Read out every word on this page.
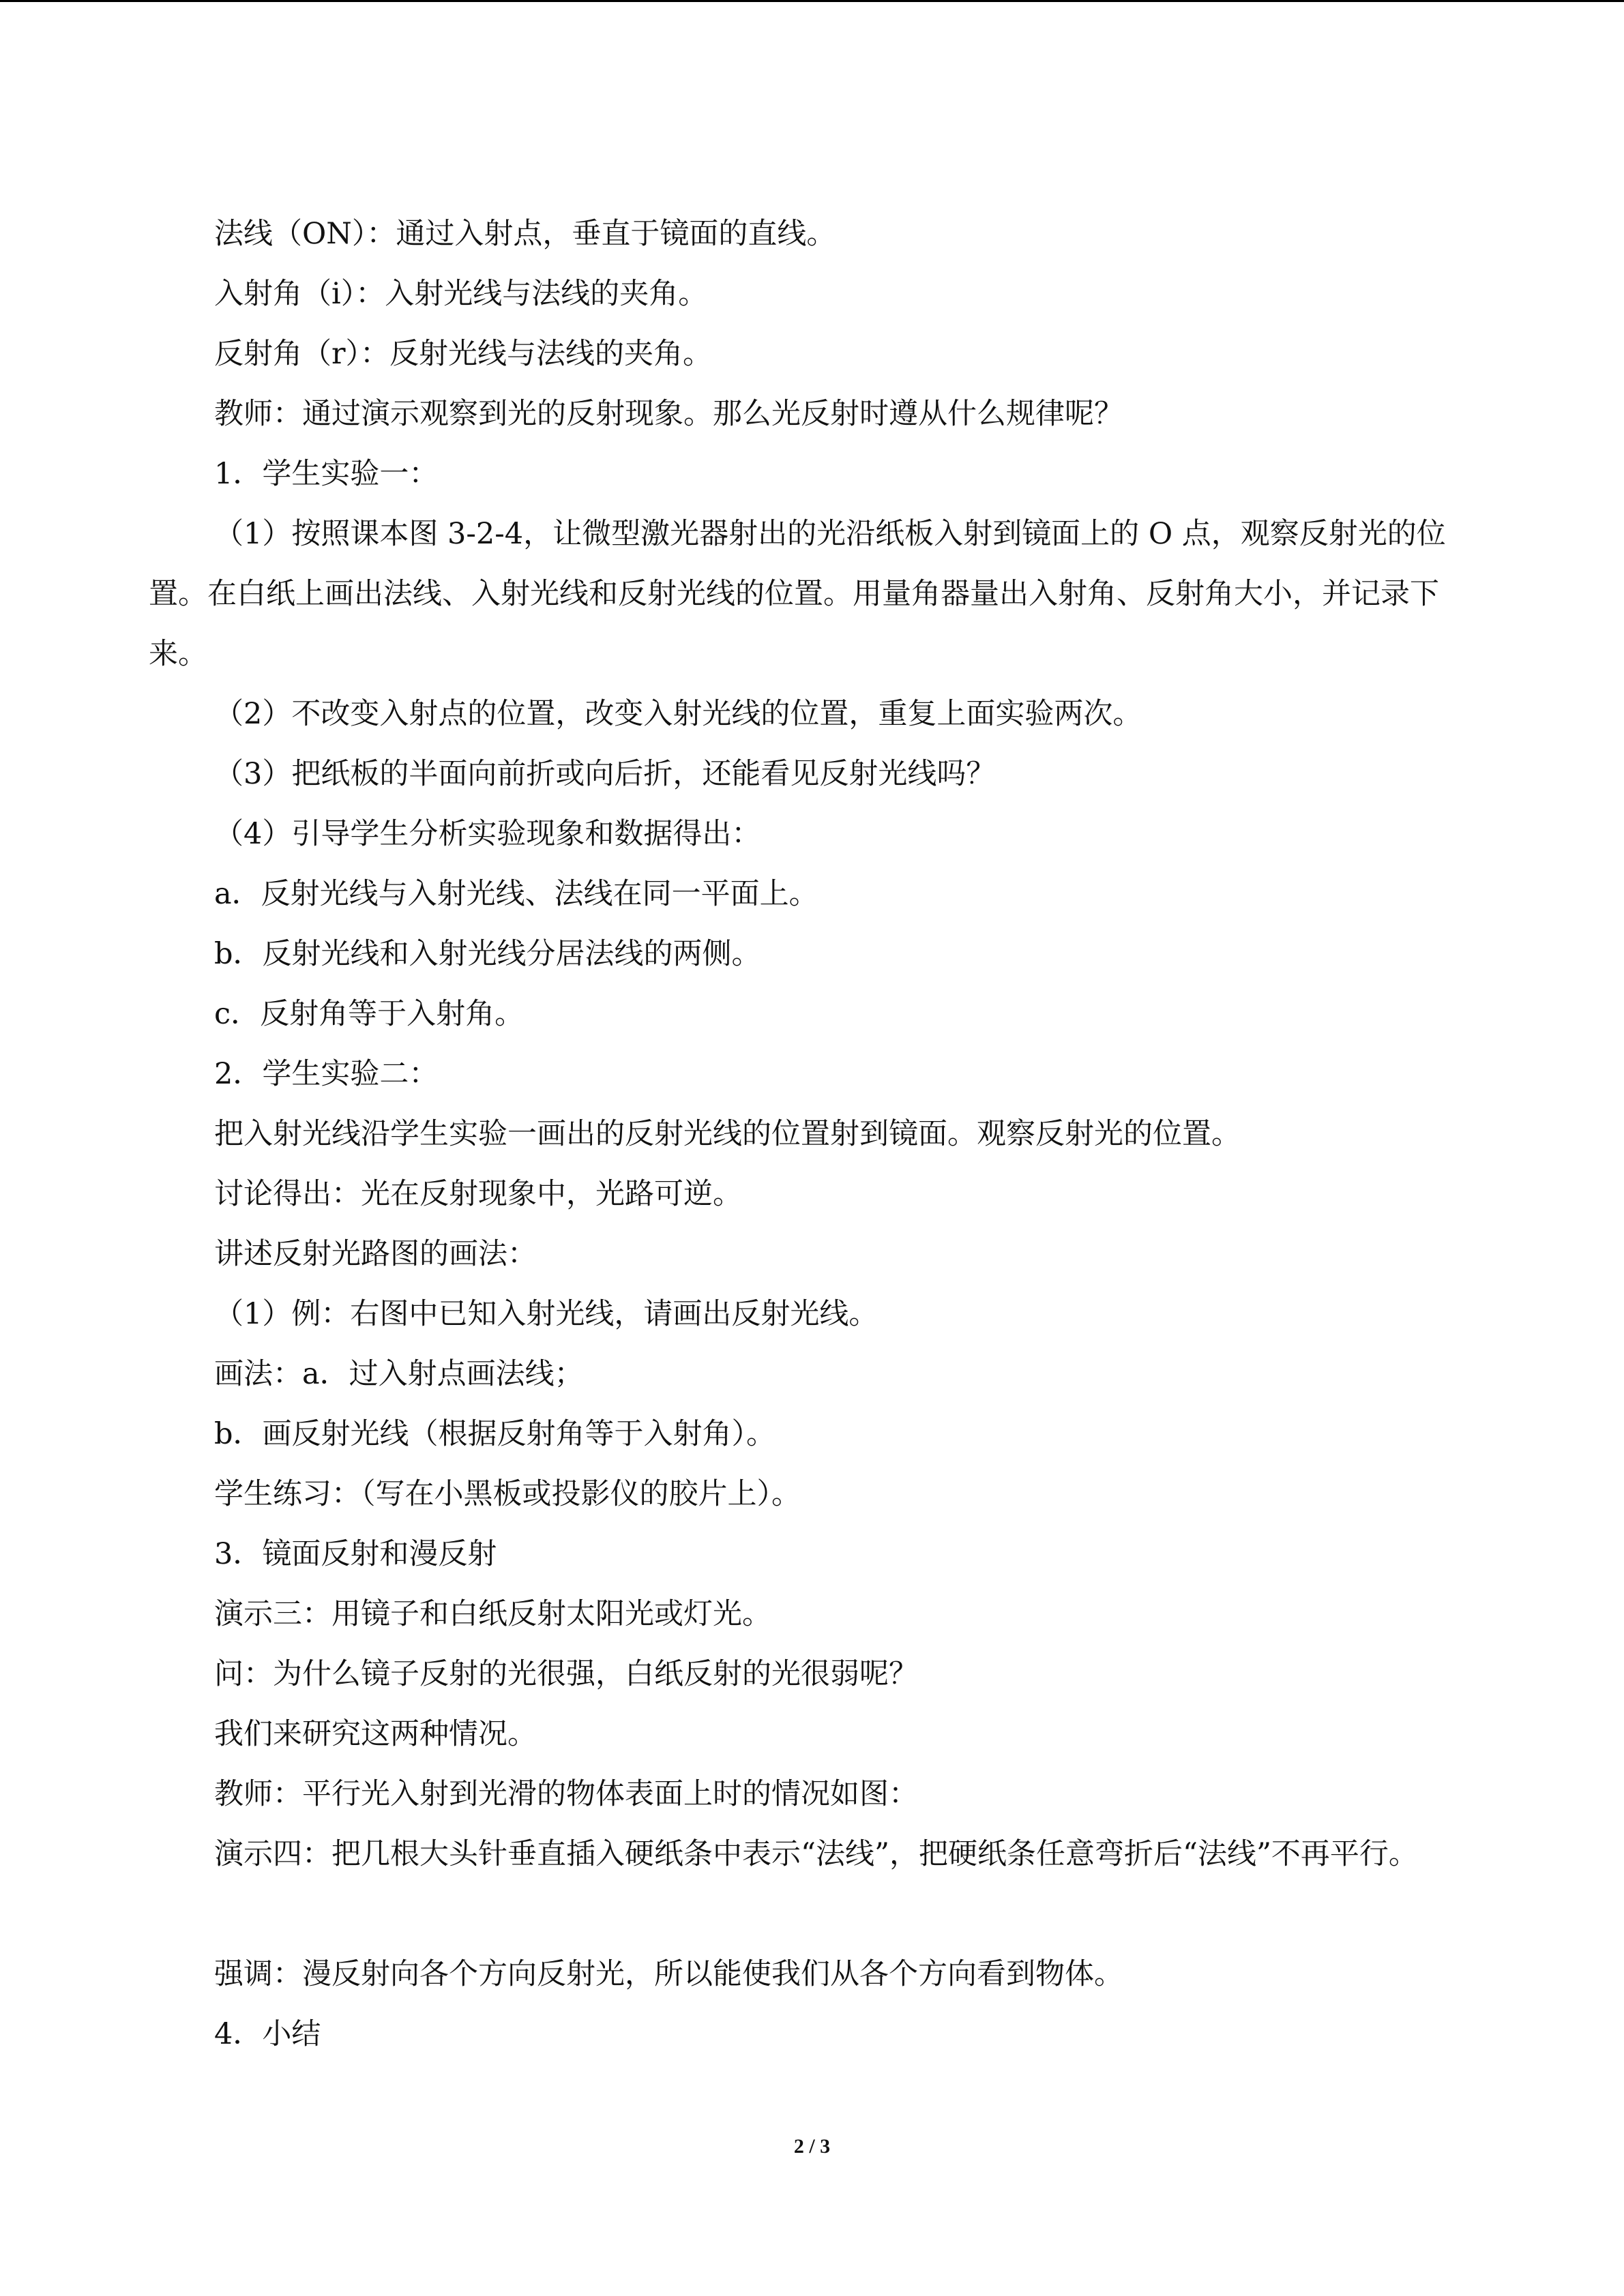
法线（ON）：通过入射点，垂直于镜面的直线。
入射角（i）：入射光线与法线的夹角。
反射角（r）：反射光线与法线的夹角。
教师：通过演示观察到光的反射现象。那么光反射时遵从什么规律呢？
1．学生实验一：
（1）按照课本图 3-2-4，让微型激光器射出的光沿纸板入射到镜面上的 O 点，观察反射光的位置。在白纸上画出法线、入射光线和反射光线的位置。用量角器量出入射角、反射角大小，并记录下来。
（2）不改变入射点的位置，改变入射光线的位置，重复上面实验两次。
（3）把纸板的半面向前折或向后折，还能看见反射光线吗？
（4）引导学生分析实验现象和数据得出：
a．反射光线与入射光线、法线在同一平面上。
b．反射光线和入射光线分居法线的两侧。
c．反射角等于入射角。
2．学生实验二：
把入射光线沿学生实验一画出的反射光线的位置射到镜面。观察反射光的位置。
讨论得出：光在反射现象中，光路可逆。
讲述反射光路图的画法：
（1）例：右图中已知入射光线，请画出反射光线。
画法：a．过入射点画法线；
b．画反射光线（根据反射角等于入射角）。
学生练习：（写在小黑板或投影仪的胶片上）。
3．镜面反射和漫反射
演示三：用镜子和白纸反射太阳光或灯光。
问：为什么镜子反射的光很强，白纸反射的光很弱呢？
我们来研究这两种情况。
教师：平行光入射到光滑的物体表面上时的情况如图：
演示四：把几根大头针垂直插入硬纸条中表示“法线”，把硬纸条任意弯折后“法线”不再平行。
强调：漫反射向各个方向反射光，所以能使我们从各个方向看到物体。
4．小结
2 / 3
